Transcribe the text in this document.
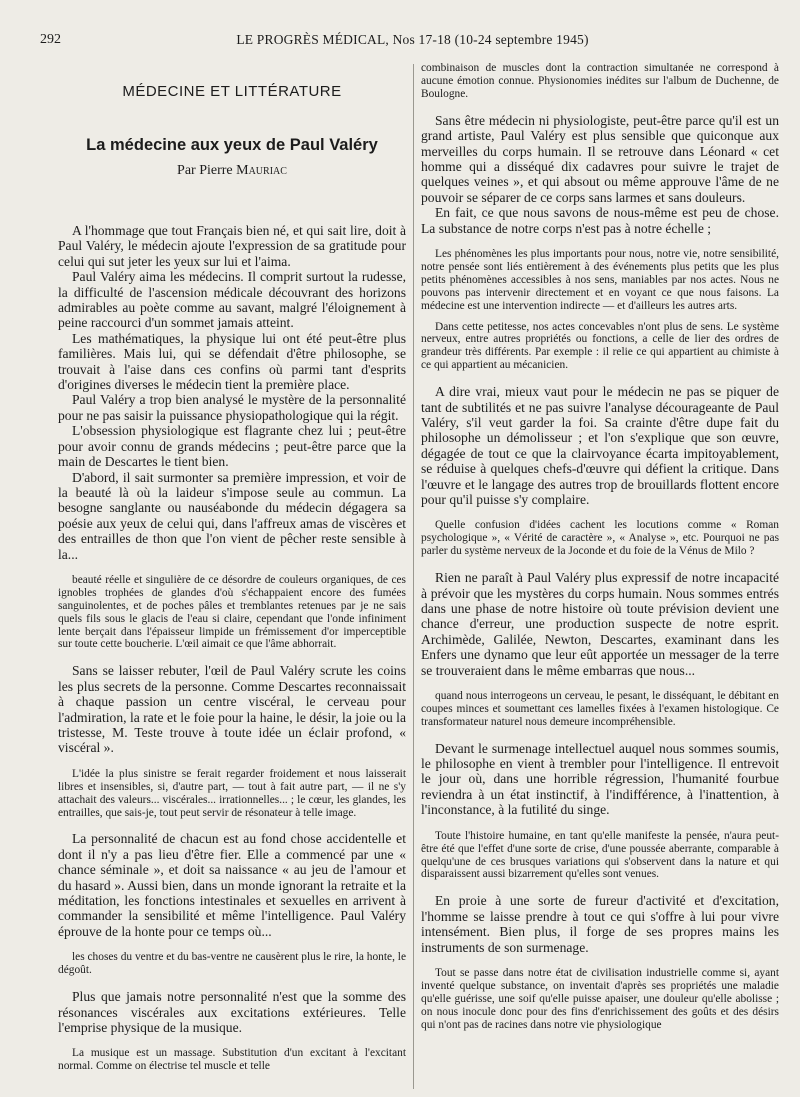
LE PROGRÈS MÉDICAL, Nos 17-18 (10-24 septembre 1945)
292
MÉDECINE ET LITTÉRATURE
La médecine aux yeux de Paul Valéry
Par Pierre Mauriac

A l'hommage que tout Français bien né, et qui sait lire, doit à Paul Valéry, le médecin ajoute l'expression de sa gratitude pour celui qui sut jeter les yeux sur lui et l'aima.

Paul Valéry aima les médecins. Il comprit surtout la rudesse, la difficulté de l'ascension médicale découvrant des horizons admirables au poète comme au savant, malgré l'éloignement à peine raccourci d'un sommet jamais atteint.

Les mathématiques, la physique lui ont été peut-être plus familières. Mais lui, qui se défendait d'être philosophe, se trouvait à l'aise dans ces confins où parmi tant d'esprits d'origines diverses le médecin tient la première place.

Paul Valéry a trop bien analysé le mystère de la personnalité pour ne pas saisir la puissance physiopathologique qui la régit.

L'obsession physiologique est flagrante chez lui ; peut-être pour avoir connu de grands médecins ; peut-être parce que la main de Descartes le tient bien.

D'abord, il sait surmonter sa première impression, et voir de la beauté là où la laideur s'impose seule au commun. La besogne sanglante ou nauséabonde du médecin dégagera sa poésie aux yeux de celui qui, dans l'affreux amas de viscères et des entrailles de thon que l'on vient de pêcher reste sensible à la...

beauté réelle et singulière de ce désordre de couleurs organiques, de ces ignobles trophées de glandes d'où s'échappaient encore des fumées sanguinolentes, et de poches pâles et tremblantes retenues par je ne sais quels fils sous le glacis de l'eau si claire, cependant que l'onde infiniment lente berçait dans l'épaisseur limpide un frémissement d'or imperceptible sur toute cette boucherie. L'œil aimait ce que l'âme abhorrait.

Sans se laisser rebuter, l'œil de Paul Valéry scrute les coins les plus secrets de la personne. Comme Descartes reconnaissait à chaque passion un centre viscéral, le cerveau pour l'admiration, la rate et le foie pour la haine, le désir, la joie ou la tristesse, M. Teste trouve à toute idée un éclair profond, « viscéral ».

L'idée la plus sinistre se ferait regarder froidement et nous laisserait libres et insensibles, si, d'autre part, — tout à fait autre part, — il ne s'y attachait des valeurs... viscérales... irrationnelles... ; le cœur, les glandes, les entrailles, que sais-je, tout peut servir de résonateur à telle image.

La personnalité de chacun est au fond chose accidentelle et dont il n'y a pas lieu d'être fier. Elle a commencé par une « chance séminale », et doit sa naissance « au jeu de l'amour et du hasard ». Aussi bien, dans un monde ignorant la retraite et la méditation, les fonctions intestinales et sexuelles en arrivent à commander la sensibilité et même l'intelligence. Paul Valéry éprouve de la honte pour ce temps où...

les choses du ventre et du bas-ventre ne causèrent plus le rire, la honte, le dégoût.

Plus que jamais notre personnalité n'est que la somme des résonances viscérales aux excitations extérieures. Telle l'emprise physique de la musique.

La musique est un massage. Substitution d'un excitant à l'excitant normal. Comme on électrise tel muscle et telle

combinaison de muscles dont la contraction simultanée ne correspond à aucune émotion connue. Physionomies inédites sur l'album de Duchenne, de Boulogne.

Sans être médecin ni physiologiste, peut-être parce qu'il est un grand artiste, Paul Valéry est plus sensible que quiconque aux merveilles du corps humain. Il se retrouve dans Léonard « cet homme qui a disséqué dix cadavres pour suivre le trajet de quelques veines », et qui absout ou même approuve l'âme de ne pouvoir se séparer de ce corps sans larmes et sans douleurs.

En fait, ce que nous savons de nous-même est peu de chose. La substance de notre corps n'est pas à notre échelle ;

Les phénomènes les plus importants pour nous, notre vie, notre sensibilité, notre pensée sont liés entièrement à des événements plus petits que les plus petits phénomènes accessibles à nos sens, maniables par nos actes. Nous ne pouvons pas intervenir directement et en voyant ce que nous faisons. La médecine est une intervention indirecte — et d'ailleurs les autres arts.

Dans cette petitesse, nos actes concevables n'ont plus de sens. Le système nerveux, entre autres propriétés ou fonctions, a celle de lier des ordres de grandeur très différents. Par exemple : il relie ce qui appartient au chimiste à ce qui appartient au mécanicien.

A dire vrai, mieux vaut pour le médecin ne pas se piquer de tant de subtilités et ne pas suivre l'analyse décourageante de Paul Valéry, s'il veut garder la foi. Sa crainte d'être dupe fait du philosophe un démolisseur ; et l'on s'explique que son œuvre, dégagée de tout ce que la clairvoyance écarta impitoyablement, se réduise à quelques chefs-d'œuvre qui défient la critique. Dans l'œuvre et le langage des autres trop de brouillards flottent encore pour qu'il puisse s'y complaire.

Quelle confusion d'idées cachent les locutions comme « Roman psychologique », « Vérité de caractère », « Analyse », etc. Pourquoi ne pas parler du système nerveux de la Joconde et du foie de la Vénus de Milo ?

Rien ne paraît à Paul Valéry plus expressif de notre incapacité à prévoir que les mystères du corps humain. Nous sommes entrés dans une phase de notre histoire où toute prévision devient une chance d'erreur, une production suspecte de notre esprit. Archimède, Galilée, Newton, Descartes, examinant dans les Enfers une dynamo que leur eût apportée un messager de la terre se trouveraient dans le même embarras que nous...

quand nous interrogeons un cerveau, le pesant, le disséquant, le débitant en coupes minces et soumettant ces lamelles fixées à l'examen histologique. Ce transformateur naturel nous demeure incompréhensible.

Devant le surmenage intellectuel auquel nous sommes soumis, le philosophe en vient à trembler pour l'intelligence. Il entrevoit le jour où, dans une horrible régression, l'humanité fourbue reviendra à un état instinctif, à l'indifférence, à l'inattention, à l'inconstance, à la futilité du singe.

Toute l'histoire humaine, en tant qu'elle manifeste la pensée, n'aura peut-être été que l'effet d'une sorte de crise, d'une poussée aberrante, comparable à quelqu'une de ces brusques variations qui s'observent dans la nature et qui disparaissent aussi bizarrement qu'elles sont venues.

En proie à une sorte de fureur d'activité et d'excitation, l'homme se laisse prendre à tout ce qui s'offre à lui pour vivre intensément. Bien plus, il forge de ses propres mains les instruments de son surmenage.

Tout se passe dans notre état de civilisation industrielle comme si, ayant inventé quelque substance, on inventait d'après ses propriétés une maladie qu'elle guérisse, une soif qu'elle puisse apaiser, une douleur qu'elle abolisse ; on nous inocule donc pour des fins d'enrichissement des goûts et des désirs qui n'ont pas de racines dans notre vie physiologique
